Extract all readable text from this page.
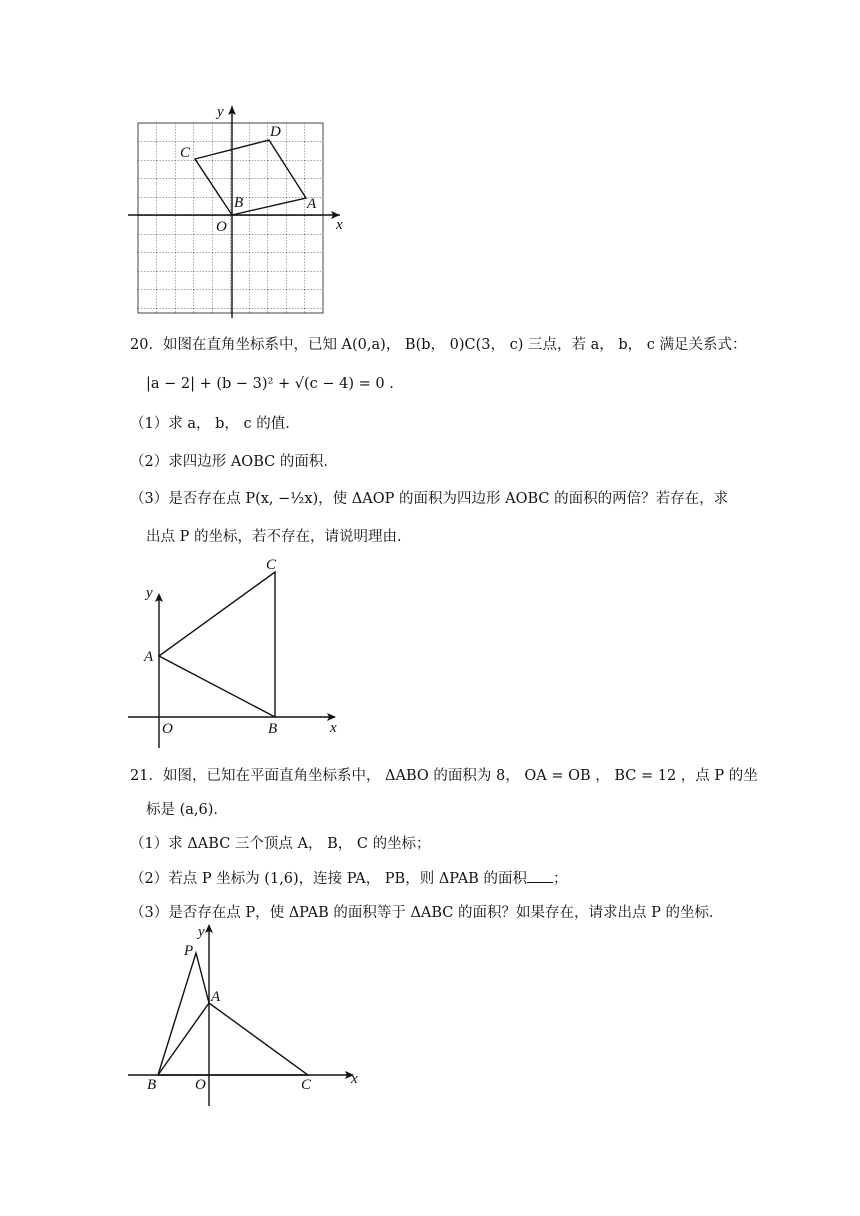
y
x
O
B	A
D
C
20．如图在直角坐标系中，已知 A(0,a)， B(b， 0)C(3， c) 三点，若 a， b， c 满足关系式：
|a − 2| + (b − 3)² + √(c − 4) = 0 .
（1）求 a， b， c 的值．
（2）求四边形 AOBC 的面积．
（3）是否存在点 P(x, −½x)，使 ΔAOP 的面积为四边形 AOBC 的面积的两倍？若存在，求
出点 P 的坐标，若不存在，请说明理由．
y
x
O
A
B
C
21．如图，已知在平面直角坐标系中， ΔABO 的面积为 8， OA = OB ， BC = 12 ，点 P 的坐
标是 (a,6)．
（1）求 ΔABC 三个顶点 A， B， C 的坐标；
（2）若点 P 坐标为 (1,6)，连接 PA， PB，则 ΔPAB 的面积 ；
（3）是否存在点 P，使 ΔPAB 的面积等于 ΔABC 的面积？如果存在，请求出点 P 的坐标．
y
x
O
A
B	C
P
